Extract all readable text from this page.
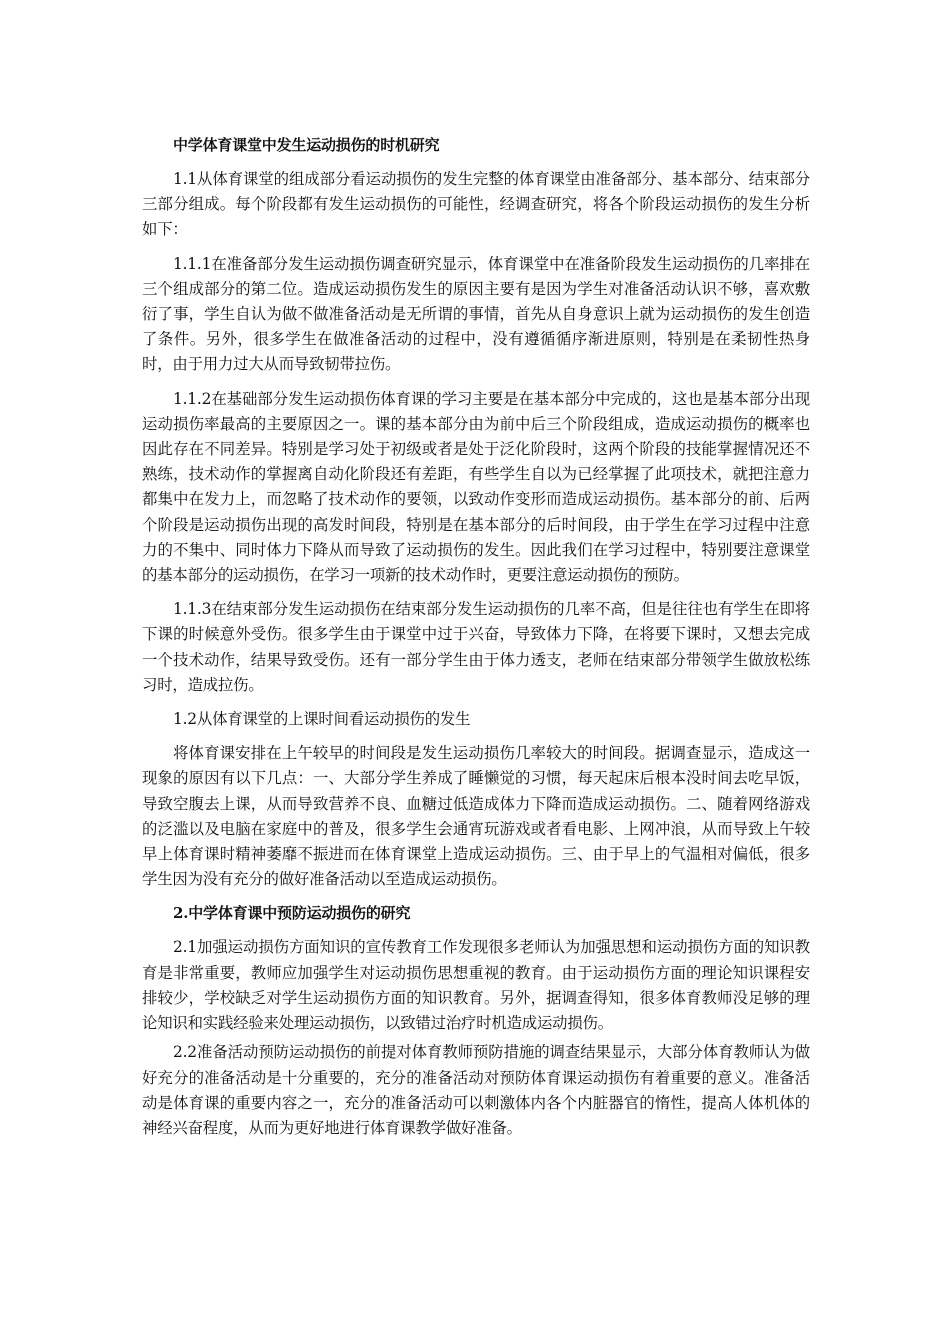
中学体育课堂中发生运动损伤的时机研究

1.1从体育课堂的组成部分看运动损伤的发生完整的体育课堂由准备部分、基本部分、结束部分三部分组成。每个阶段都有发生运动损伤的可能性，经调查研究，将各个阶段运动损伤的发生分析如下：

1.1.1在准备部分发生运动损伤调查研究显示，体育课堂中在准备阶段发生运动损伤的几率排在三个组成部分的第二位。造成运动损伤发生的原因主要有是因为学生对准备活动认识不够，喜欢敷衍了事，学生自认为做不做准备活动是无所谓的事情，首先从自身意识上就为运动损伤的发生创造了条件。另外，很多学生在做准备活动的过程中，没有遵循循序渐进原则，特别是在柔韧性热身时，由于用力过大从而导致韧带拉伤。

1.1.2在基础部分发生运动损伤体育课的学习主要是在基本部分中完成的，这也是基本部分出现运动损伤率最高的主要原因之一。课的基本部分由为前中后三个阶段组成，造成运动损伤的概率也因此存在不同差异。特别是学习处于初级或者是处于泛化阶段时，这两个阶段的技能掌握情况还不熟练，技术动作的掌握离自动化阶段还有差距，有些学生自以为已经掌握了此项技术，就把注意力都集中在发力上，而忽略了技术动作的要领，以致动作变形而造成运动损伤。基本部分的前、后两个阶段是运动损伤出现的高发时间段，特别是在基本部分的后时间段，由于学生在学习过程中注意力的不集中、同时体力下降从而导致了运动损伤的发生。因此我们在学习过程中，特别要注意课堂的基本部分的运动损伤，在学习一项新的技术动作时，更要注意运动损伤的预防。

1.1.3在结束部分发生运动损伤在结束部分发生运动损伤的几率不高，但是往往也有学生在即将下课的时候意外受伤。很多学生由于课堂中过于兴奋，导致体力下降，在将要下课时，又想去完成一个技术动作，结果导致受伤。还有一部分学生由于体力透支，老师在结束部分带领学生做放松练习时，造成拉伤。

1.2从体育课堂的上课时间看运动损伤的发生

将体育课安排在上午较早的时间段是发生运动损伤几率较大的时间段。据调查显示，造成这一现象的原因有以下几点：一、大部分学生养成了睡懒觉的习惯，每天起床后根本没时间去吃早饭，导致空腹去上课，从而导致营养不良、血糖过低造成体力下降而造成运动损伤。二、随着网络游戏的泛滥以及电脑在家庭中的普及，很多学生会通宵玩游戏或者看电影、上网冲浪，从而导致上午较早上体育课时精神萎靡不振进而在体育课堂上造成运动损伤。三、由于早上的气温相对偏低，很多学生因为没有充分的做好准备活动以至造成运动损伤。

2.中学体育课中预防运动损伤的研究

2.1加强运动损伤方面知识的宣传教育工作发现很多老师认为加强思想和运动损伤方面的知识教育是非常重要，教师应加强学生对运动损伤思想重视的教育。由于运动损伤方面的理论知识课程安排较少，学校缺乏对学生运动损伤方面的知识教育。另外，据调查得知，很多体育教师没足够的理论知识和实践经验来处理运动损伤，以致错过治疗时机造成运动损伤。

2.2准备活动预防运动损伤的前提对体育教师预防措施的调查结果显示，大部分体育教师认为做好充分的准备活动是十分重要的，充分的准备活动对预防体育课运动损伤有着重要的意义。准备活动是体育课的重要内容之一，充分的准备活动可以刺激体内各个内脏器官的惰性，提高人体机体的神经兴奋程度，从而为更好地进行体育课教学做好准备。
